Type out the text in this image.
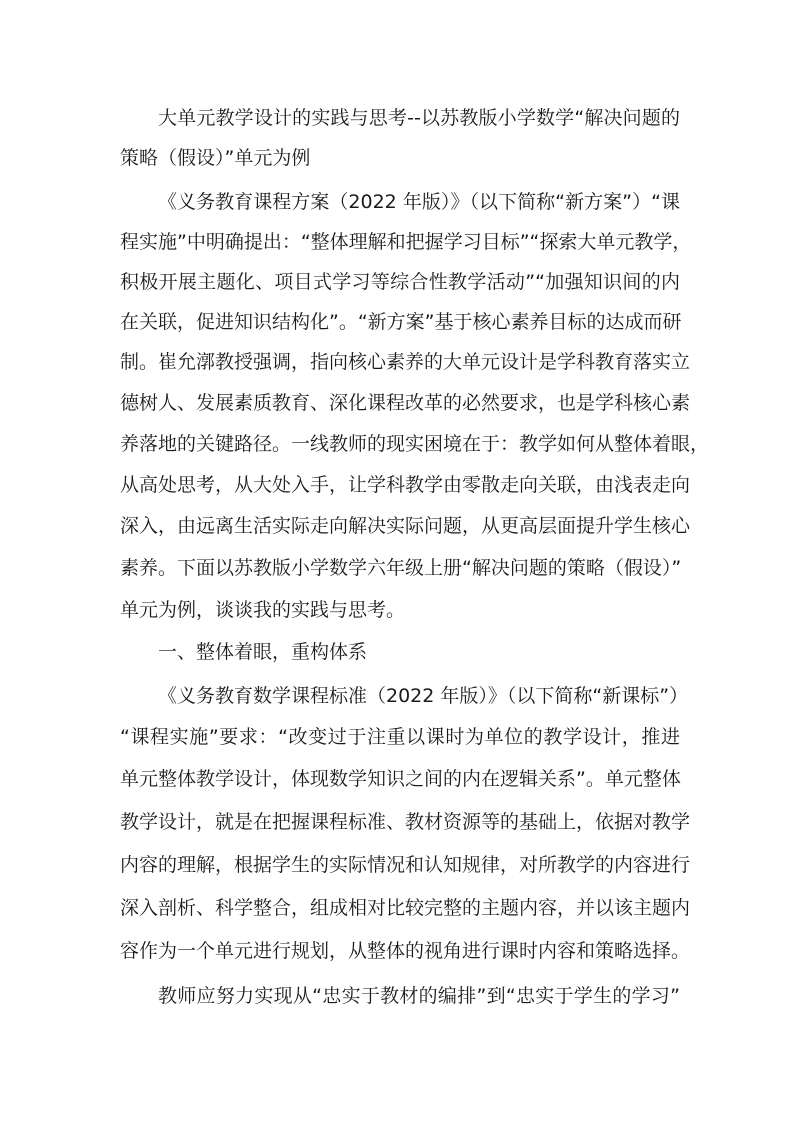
大单元教学设计的实践与思考--以苏教版小学数学“解决问题的

策略（假设）”单元为例

《义务教育课程方案（2022 年版）》（以下简称“新方案”）“课

程实施”中明确提出：“整体理解和把握学习目标”“探索大单元教学，

积极开展主题化、项目式学习等综合性教学活动”“加强知识间的内

在关联，促进知识结构化”。“新方案”基于核心素养目标的达成而研

制。崔允漷教授强调，指向核心素养的大单元设计是学科教育落实立

德树人、发展素质教育、深化课程改革的必然要求，也是学科核心素

养落地的关键路径。一线教师的现实困境在于：教学如何从整体着眼，

从高处思考，从大处入手，让学科教学由零散走向关联，由浅表走向

深入，由远离生活实际走向解决实际问题，从更高层面提升学生核心

素养。下面以苏教版小学数学六年级上册“解决问题的策略（假设）”

单元为例，谈谈我的实践与思考。

一、整体着眼，重构体系

《义务教育数学课程标准（2022 年版）》（以下简称“新课标”）

“课程实施”要求：“改变过于注重以课时为单位的教学设计，推进

单元整体教学设计，体现数学知识之间的内在逻辑关系”。单元整体

教学设计，就是在把握课程标准、教材资源等的基础上，依据对教学

内容的理解，根据学生的实际情况和认知规律，对所教学的内容进行

深入剖析、科学整合，组成相对比较完整的主题内容，并以该主题内

容作为一个单元进行规划，从整体的视角进行课时内容和策略选择。

教师应努力实现从“忠实于教材的编排”到“忠实于学生的学习”
